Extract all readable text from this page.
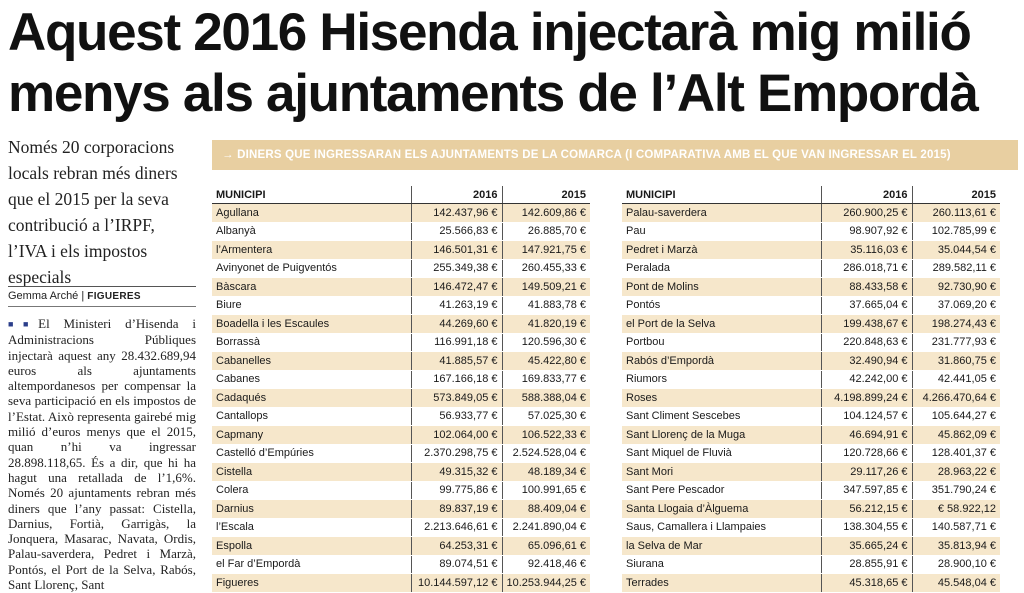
Aquest 2016 Hisenda injectarà mig milió menys als ajuntaments de l’Alt Empordà

Només 20 corporacions locals rebran més diners que el 2015 per la seva contribució a l’IRPF, l’IVA i els impostos especials

Gemma Arché | FIGUERES

■■El Ministeri d’Hisenda i Administracions Públiques injectarà aquest any 28.432.689,94 euros als ajuntaments altempordanesos per compensar la seva participació en els impostos de l’Estat. Això representa gairebé mig milió d’euros menys que el 2015, quan n’hi va ingressar 28.898.118,65. És a dir, que hi ha hagut una retallada de l’1,6%. Només 20 ajuntaments rebran més diners que l’any passat: Cistella, Darnius, Fortià, Garrigàs, la Jonquera, Masarac, Navata, Ordis, Palau-saverdera, Pedret i Marzà, Pontós, el Port de la Selva, Rabós, Sant Llorenç, Sant

→ DINERS QUE INGRESSARAN ELS AJUNTAMENTS DE LA COMARCA (I COMPARATIVA AMB EL QUE VAN INGRESSAR EL 2015)
MUNICIPI	2016	2015
Agullana	142.437,96 €	142.609,86 €
Albanyà	25.566,83 €	26.885,70 €
l’Armentera	146.501,31 €	147.921,75 €
Avinyonet de Puigventós	255.349,38 €	260.455,33 €
Bàscara	146.472,47 €	149.509,21 €
Biure	41.263,19 €	41.883,78 €
Boadella i les Escaules	44.269,60 €	41.820,19 €
Borrassà	116.991,18 €	120.596,30 €
Cabanelles	41.885,57 €	45.422,80 €
Cabanes	167.166,18 €	169.833,77 €
Cadaqués	573.849,05 €	588.388,04 €
Cantallops	56.933,77 €	57.025,30 €
Capmany	102.064,00 €	106.522,33 €
Castelló d’Empúries	2.370.298,75 €	2.524.528,04 €
Cistella	49.315,32 €	48.189,34 €
Colera	99.775,86 €	100.991,65 €
Darnius	89.837,19 €	88.409,04 €
l’Escala	2.213.646,61 €	2.241.890,04 €
Espolla	64.253,31 €	65.096,61 €
el Far d’Empordà	89.074,51 €	92.418,46 €
Figueres	10.144.597,12 €	10.253.944,25 €
MUNICIPI	2016	2015
Palau-saverdera	260.900,25 €	260.113,61 €
Pau	98.907,92 €	102.785,99 €
Pedret i Marzà	35.116,03 €	35.044,54 €
Peralada	286.018,71 €	289.582,11 €
Pont de Molins	88.433,58 €	92.730,90 €
Pontós	37.665,04 €	37.069,20 €
el Port de la Selva	199.438,67 €	198.274,43 €
Portbou	220.848,63 €	231.777,93 €
Rabós d’Empordà	32.490,94 €	31.860,75 €
Riumors	42.242,00 €	42.441,05 €
Roses	4.198.899,24 €	4.266.470,64 €
Sant Climent Sescebes	104.124,57 €	105.644,27 €
Sant Llorenç de la Muga	46.694,91 €	45.862,09 €
Sant Miquel de Fluvià	120.728,66 €	128.401,37 €
Sant Mori	29.117,26 €	28.963,22 €
Sant Pere Pescador	347.597,85 €	351.790,24 €
Santa Llogaia d’Àlguema	56.212,15 €	€ 58.922,12
Saus, Camallera i Llampaies	138.304,55 €	140.587,71 €
la Selva de Mar	35.665,24 €	35.813,94 €
Siurana	28.855,91 €	28.900,10 €
Terrades	45.318,65 €	45.548,04 €
